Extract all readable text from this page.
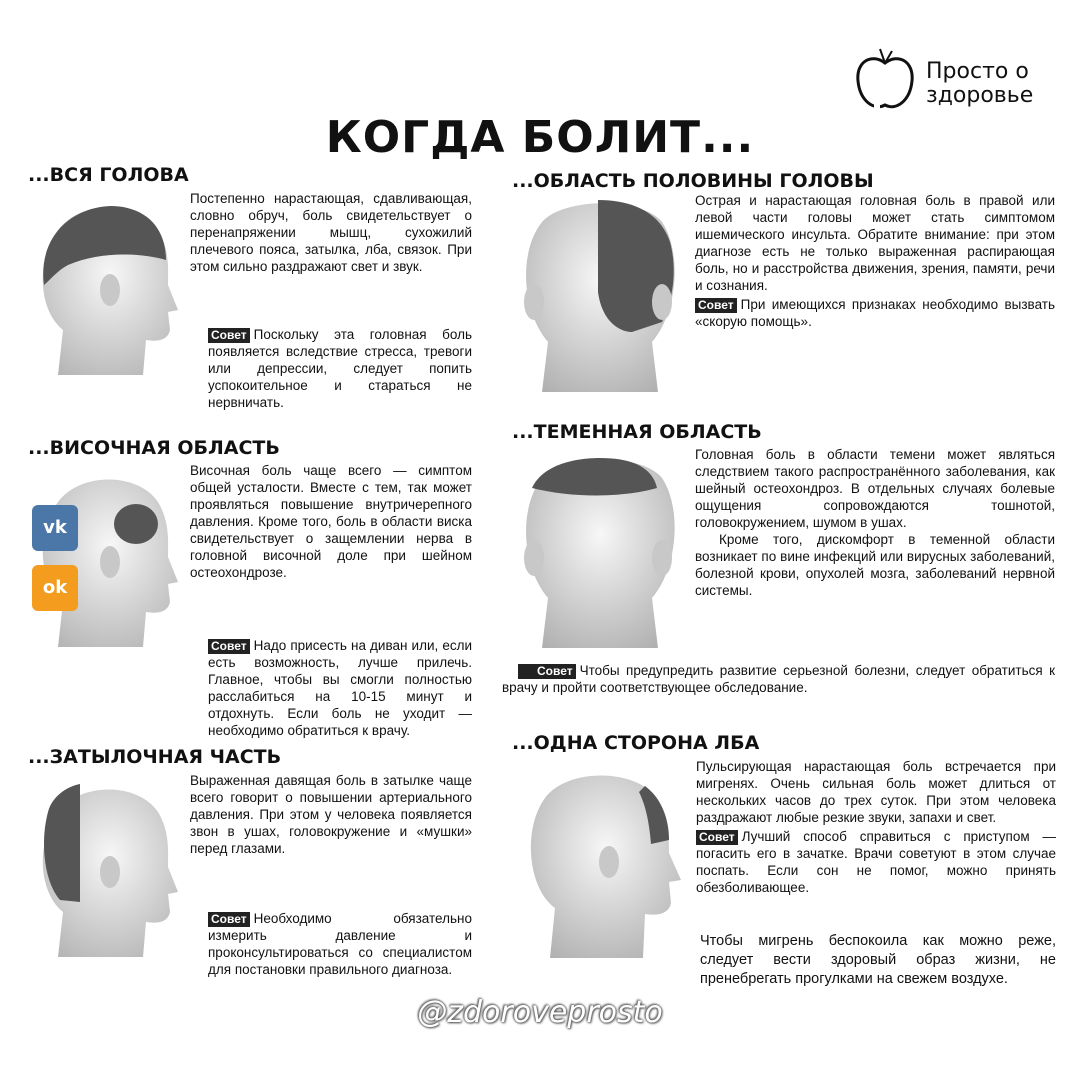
Просто о
здоровье
КОГДА БОЛИТ...
...ВСЯ ГОЛОВА

Постепенно нарастающая, сдавливающая, словно обруч, боль свидетельствует о перенапряжении мышц, сухожилий плечевого пояса, затылка, лба, связок. При этом сильно раздражают свет и звук.

Совет Поскольку эта головная боль появляется вследствие стресса, тревоги или депрессии, следует попить успокоительное и стараться не нервничать.

...ВИСОЧНАЯ ОБЛАСТЬ

Височная боль чаще всего — симптом общей усталости. Вместе с тем, так может проявляться повышение внутричерепного давления. Кроме того, боль в области виска свидетельствует о защемлении нерва в головной височной доле при шейном остеохондрозе.

Совет Надо присесть на диван или, если есть возможность, лучше прилечь. Главное, чтобы вы смогли полностью расслабиться на 10-15 минут и отдохнуть. Если боль не уходит — необходимо обратиться к врачу.

vk
ok
...ЗАТЫЛОЧНАЯ ЧАСТЬ

Выраженная давящая боль в затылке чаще всего говорит о повышении артериального давления. При этом у человека появляется звон в ушах, головокружение и «мушки» перед глазами.

Совет Необходимо обязательно измерить давление и проконсультироваться со специалистом для постановки правильного диагноза.

...ОБЛАСТЬ ПОЛОВИНЫ ГОЛОВЫ

Острая и нарастающая головная боль в правой или левой части головы может стать симптомом ишемического инсульта. Обратите внимание: при этом диагнозе есть не только выраженная распирающая боль, но и расстройства движения, зрения, памяти, речи и сознания.

Совет При имеющихся признаках необходимо вызвать «скорую помощь».

...ТЕМЕННАЯ ОБЛАСТЬ

Головная боль в области темени может являться следствием такого распространённого заболевания, как шейный остеохондроз. В отдельных случаях болевые ощущения сопровождаются тошнотой, головокружением, шумом в ушах.

Кроме того, дискомфорт в теменной области возникает по вине инфекций или вирусных заболеваний, болезной крови, опухолей мозга, заболеваний нервной системы.

Совет Чтобы предупредить развитие серьезной болезни, следует обратиться к врачу и пройти соответствующее обследование.

...ОДНА СТОРОНА ЛБА

Пульсирующая нарастающая боль встречается при мигренях. Очень сильная боль может длиться от нескольких часов до трех суток. При этом человека раздражают любые резкие звуки, запахи и свет.

Совет Лучший способ справиться с приступом — погасить его в зачатке. Врачи советуют в этом случае поспать. Если сон не помог, можно принять обезболивающее.

Чтобы мигрень беспокоила как можно реже, следует вести здоровый образ жизни, не пренебрегать прогулками на свежем воздухе.

@zdoroveprosto
